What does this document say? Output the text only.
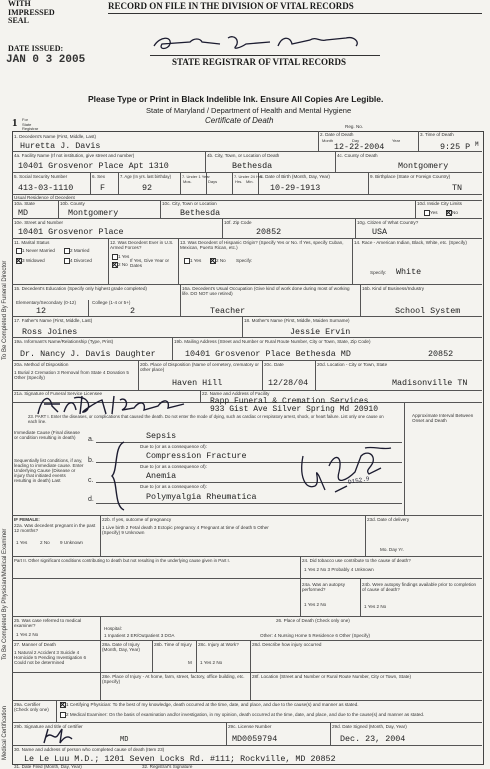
WITH
IMPRESSED
SEAL
RECORD ON FILE IN THE DIVISION OF VITAL RECORDS
DATE ISSUED:
JAN 0 3 2005	STATE REGISTRAR OF VITAL RECORDS
Please Type or Print in Black Indelible Ink. Ensure All Copies Are Legible.
State of Maryland / Department of Health and Mental Hygiene
Certificate of Death
1 For
State
Registrar	Reg. No.
To Be Completed By Funeral Director
To Be Completed By Physician/Medical Examiner
Medical Certification
1. Decedent's Name (First, Middle, Last)
Huretta J. Davis
2. Date of Death
Month	Day	Year
12-22-2004
3. Time of Death
9:25 P M
4a. Facility Name (If not institution, give street and number)
10401 Grosvenor Place Apt 1310
4b. City, Town, or Location of Death
Bethesda
4c. County of Death
Montgomery
5. Social Security Number
413-03-1110
6. Sex
F
7. Age (In yrs. last birthday)
92
7. Under 1 Year	7. Under 24 Hrs.
Mos.	Days	Hrs. Min.
8. Date of Birth (Month, Day, Year)
10-29-1913
9. Birthplace (State or Foreign Country)
TN
Usual Residence of Decedent
10a. State
MD
10b. County
Montgomery
10c. City, Town or Location
Bethesda
10d. Inside City Limits
Yes	No
10e. Street and Number
10401 Grosvenor Place
10f. Zip Code
20852
10g. Citizen of What Country?
USA
11. Marital Status
1 Never Married	2 Married
3 Widowed	4 Divorced
12. Was Decedent Ever in U.S. Armed Forces?
1 Yes
2 No
If Yes, Give Year or Dates
13. Was Decedent of Hispanic Origin? (Specify Yes or No. If Yes, specify Cuban, Mexican, Puerto Rican, etc.)
1 Yes	2 No Specify:
14. Race - American Indian, Black, White, etc. (Specify)
Specify: White
15. Decedent's Education (Specify only highest grade completed)
Elementary/Secondary (0-12)	College (1-4 or 5+)
12	2
16a. Decedent's Usual Occupation (Give kind of work done during most of working life. DO NOT use retired)
Teacher
16b. Kind of Business/Industry
School System
17. Father's Name (First, Middle, Last)
Ross Joines
18. Mother's Name (First, Middle, Maiden Surname)
Jessie Ervin
19a. Informant's Name/Relationship (Type, Print)
Dr. Nancy J. Davis Daughter
19b. Mailing Address (Street and Number or Rural Route Number, City or Town, State, Zip Code)
10401 Grosvenor Place Bethesda MD	20852
20a. Method of Disposition
1 Burial 2 Cremation 3 Removal from State 4 Donation 5 Other (Specify)
20b. Place of Disposition (Name of cemetery, crematory or other place)
Haven Hill
20c. Date
12/28/04
20d. Location - City or Town, State
Madisonville TN
21a. Signature of Funeral Service Licensee	22. Name and Address of Facility
Rapp Funeral & Cremation Services
933 Gist Ave Silver Spring Md 20910
23. PART I. Enter the diseases, or complications that caused the death. Do not enter the mode of dying, such as cardiac or respiratory arrest, shock, or heart failure. List only one cause on each line.
Approximate Interval Between Onset and Death
Immediate Cause (Final disease or condition resulting in death)
Sequentially list conditions, if any, leading to immediate cause. Enter Underlying Cause (Disease or injury that initiated events resulting in death) Last
a.	Sepsis
Due to (or as a consequence of):
b.	Compression Fracture
Due to (or as a consequence of):
c.	Anemia
Due to (or as a consequence of):
d.	Polymyalgia Rheumatica
D152.9
IF FEMALE:
22a. Was decedent pregnant in the past 12 months?
1 Yes	2 No 9 Unknown
22b. If yes, outcome of pregnancy
1 Live birth 2 Fetal death 3 Ectopic pregnancy 4 Pregnant at time of death 5 Other (Specify) 9 Unknown
23d. Date of delivery
Mo. Day Yr.
Part II. Other significant conditions contributing to death but not resulting in the underlying cause given in Part I.	24. Did tobacco use contribute to the cause of death?
1 Yes 2 No 3 Probably 4 Unknown
24a. Was an autopsy performed?
1 Yes 2 No
24b. Were autopsy findings available prior to completion of cause of death?
1 Yes 2 No
25. Was case referred to medical examiner?
1 Yes 2 No
26. Place of Death (Check only one)
Hospital:
1 Inpatient 2 ER/Outpatient 3 DOA	Other: 4 Nursing Home 5 Residence 6 Other (Specify)
27. Manner of Death
1 Natural 2 Accident 3 Suicide 4 Homicide 5 Pending Investigation 6 Could not be determined
28a. Date of Injury (Month, Day, Year)
28b. Time of Injury
M
28c. Injury at Work?
1 Yes 2 No
28d. Describe how injury occurred
28e. Place of Injury - At home, farm, street, factory, office building, etc. (Specify)
28f. Location (Street and Number or Rural Route Number, City or Town, State)
29a. Certifier (Check only one)
1 Certifying Physician: To the best of my knowledge, death occurred at the time, date, and place, and due to the cause(s) and manner as stated.
2 Medical Examiner: On the basis of examination and/or investigation, in my opinion, death occurred at the time, date, and place, and due to the cause(s) and manner as stated.
29b. Signature and title of certifier
MD
29c. License Number
MD0059794
29d. Date Signed (Month, Day, Year)
Dec. 23, 2004
30. Name and address of person who completed cause of death (Item 23)
Le Le Luu M.D.; 1201 Seven Locks Rd. #111; Rockville, MD 20852
31. Date Filed (Month, Day, Year)	32. Registrar's Signature
